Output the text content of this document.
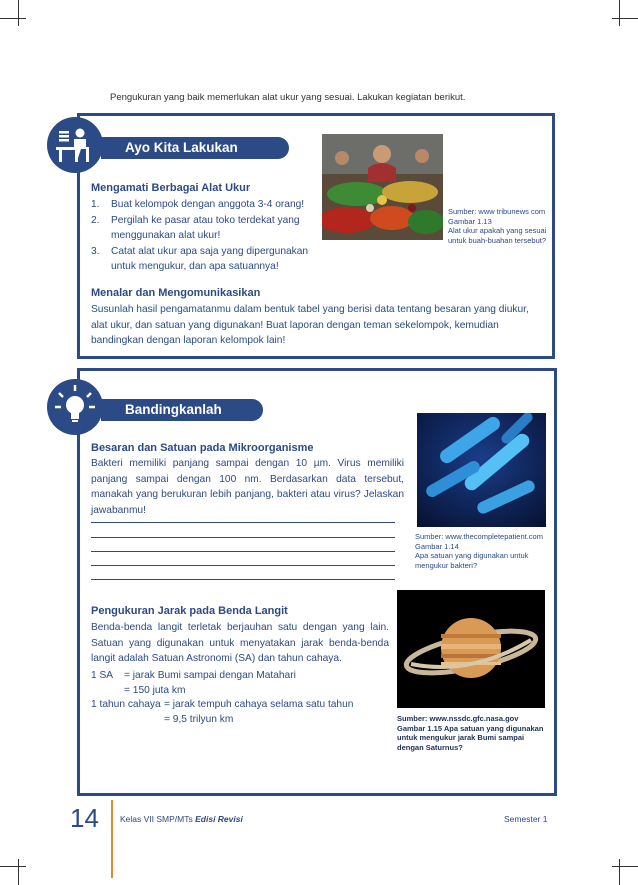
Pengukuran yang baik memerlukan alat ukur yang sesuai. Lakukan kegiatan berikut.
Ayo Kita Lakukan
Sumber: www tribunews com
Gambar 1.13
Alat ukur apakah yang sesuai untuk buah-buahan tersebut?
Mengamati Berbagai Alat Ukur
1. Buat kelompok dengan anggota 3-4 orang!
2. Pergilah ke pasar atau toko terdekat yang menggunakan alat ukur!
3. Catat alat ukur apa saja yang dipergunakan untuk mengukur, dan apa satuannya!
Menalar dan Mengomunikasikan
Susunlah hasil pengamatanmu dalam bentuk tabel yang berisi data tentang besaran yang diukur, alat ukur, dan satuan yang digunakan! Buat laporan dengan teman sekelompok, kemudian bandingkan dengan laporan kelompok lain!
Bandingkanlah
Besaran dan Satuan pada Mikroorganisme
Bakteri memiliki panjang sampai dengan 10 µm. Virus memiliki panjang sampai dengan 100 nm. Berdasarkan data tersebut, manakah yang berukuran lebih panjang, bakteri atau virus? Jelaskan jawabanmu!
Sumber: www.thecompletepatient.com
Gambar 1.14
Apa satuan yang digunakan untuk mengukur bakteri?
Pengukuran Jarak pada Benda Langit
Benda-benda langit terletak berjauhan satu dengan yang lain. Satuan yang digunakan untuk menyatakan jarak benda-benda langit adalah Satuan Astronomi (SA) dan tahun cahaya.
1 SA = jarak Bumi sampai dengan Matahari
= 150 juta km
1 tahun cahaya = jarak tempuh cahaya selama satu tahun
= 9,5 trilyun km	Sumber: www.nssdc.gfc.nasa.gov
Gambar 1.15 Apa satuan yang digunakan untuk mengukur jarak Bumi sampai dengan Saturnus?
14 Kelas VII SMP/MTs Edisi Revisi	Semester 1
